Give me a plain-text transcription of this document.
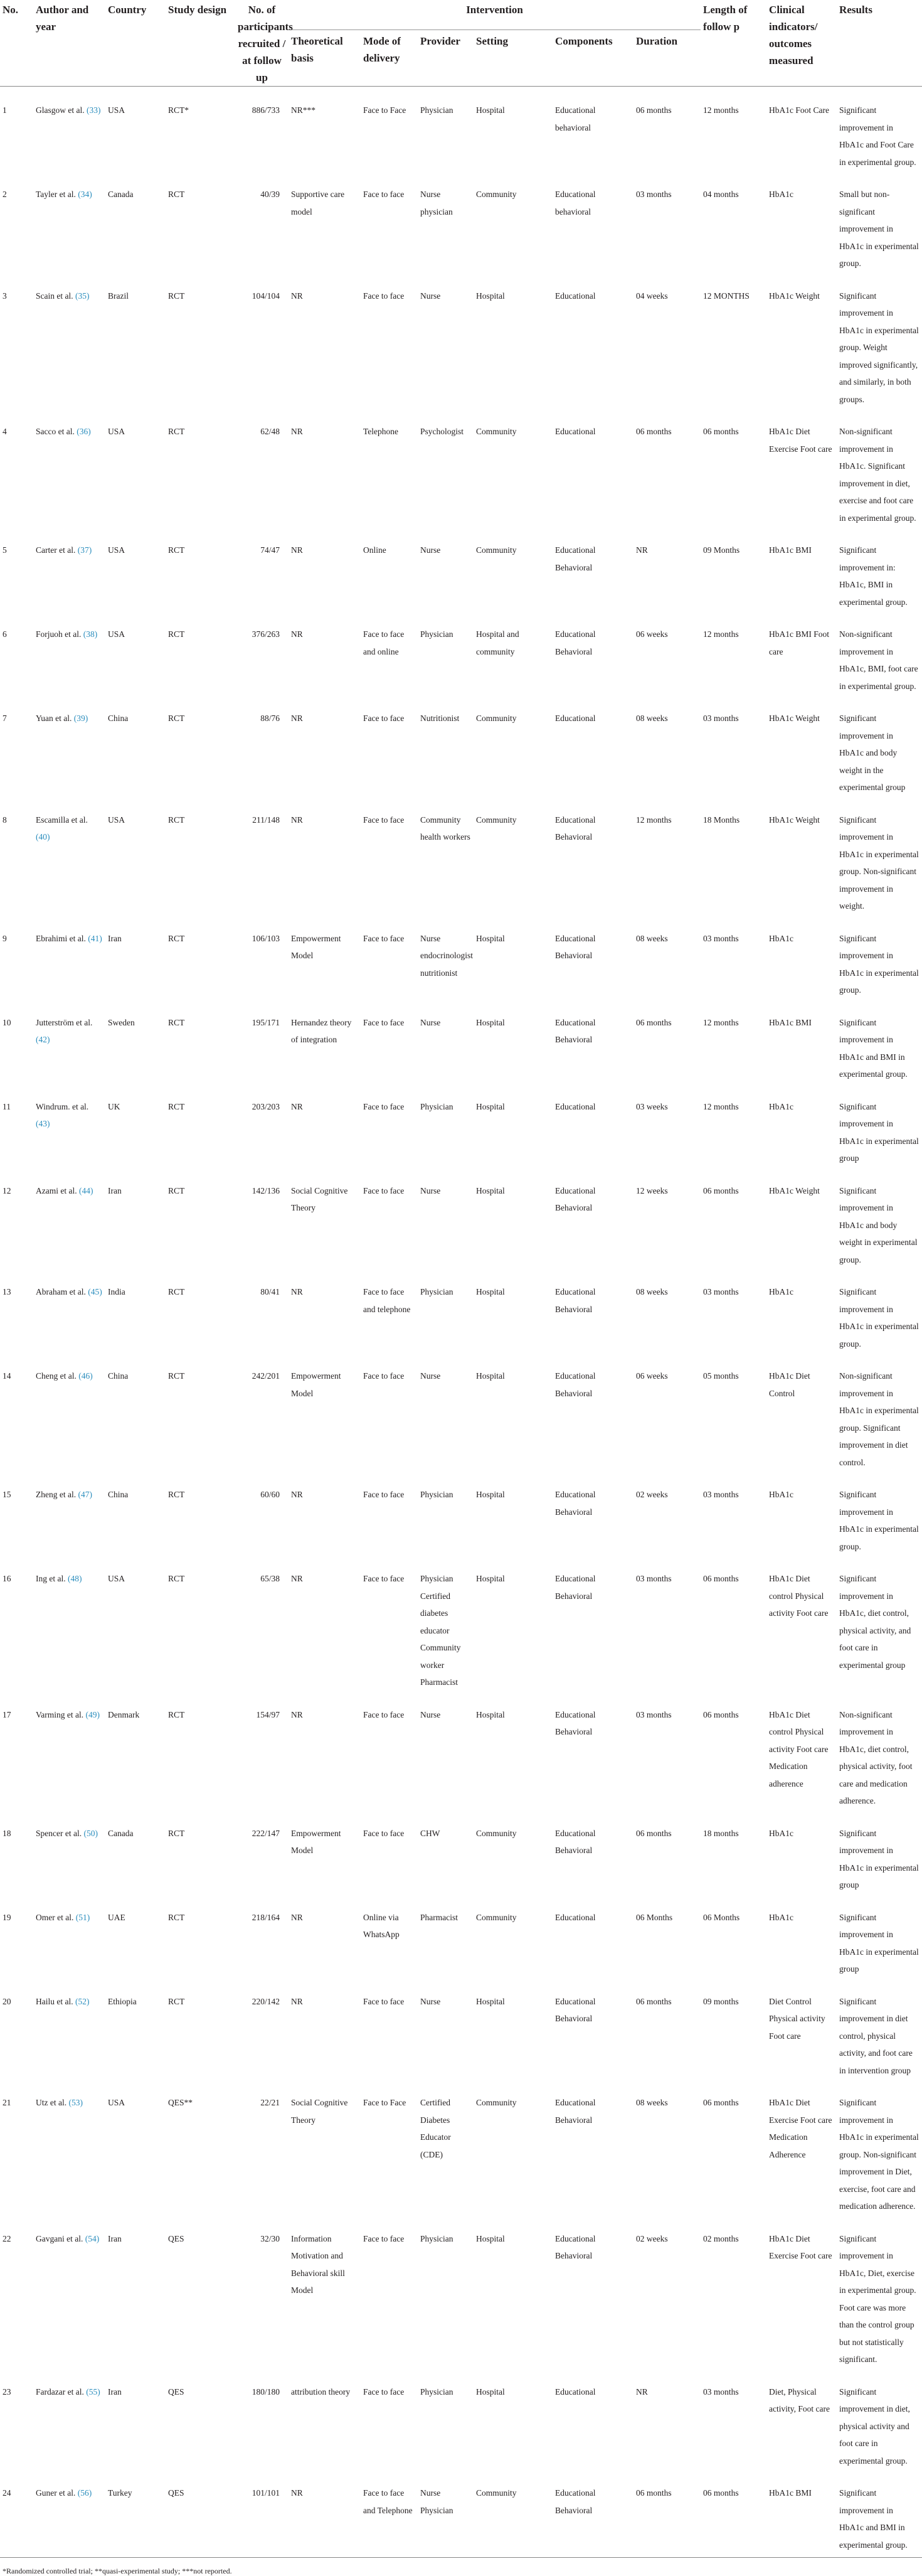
No.	Author and year	Country	Study design	No. of participants recruited / at follow up	Intervention						Length of follow p	Clinical indicators/ outcomes measured	Results
					Theoretical basis	Mode of delivery	Provider	Setting	Components	Duration			
1	Glasgow et al. (33)	USA	RCT*	886/733	NR***	Face to Face	Physician	Hospital	Educational behavioral	06 months	12 months	HbA1c Foot Care	Significant improvement in HbA1c and Foot Care in experimental group.
2	Tayler et al. (34)	Canada	RCT	40/39	Supportive care model	Face to face	Nurse physician	Community	Educational behavioral	03 months	04 months	HbA1c	Small but non-significant improvement in HbA1c in experimental group.
3	Scain et al. (35)	Brazil	RCT	104/104	NR	Face to face	Nurse	Hospital	Educational	04 weeks	12 MONTHS	HbA1c Weight	Significant improvement in HbA1c in experimental group. Weight improved significantly, and similarly, in both groups.
4	Sacco et al. (36)	USA	RCT	62/48	NR	Telephone	Psychologist	Community	Educational	06 months	06 months	HbA1c Diet Exercise Foot care	Non-significant improvement in HbA1c. Significant improvement in diet, exercise and foot care in experimental group.
5	Carter et al. (37)	USA	RCT	74/47	NR	Online	Nurse	Community	Educational Behavioral	NR	09 Months	HbA1c BMI	Significant improvement in: HbA1c, BMI in experimental group.
6	Forjuoh et al. (38)	USA	RCT	376/263	NR	Face to face and online	Physician	Hospital and community	Educational Behavioral	06 weeks	12 months	HbA1c BMI Foot care	Non-significant improvement in HbA1c, BMI, foot care in experimental group.
7	Yuan et al. (39)	China	RCT	88/76	NR	Face to face	Nutritionist	Community	Educational	08 weeks	03 months	HbA1c Weight	Significant improvement in HbA1c and body weight in the experimental group
8	Escamilla et al. (40)	USA	RCT	211/148	NR	Face to face	Community health workers	Community	Educational Behavioral	12 months	18 Months	HbA1c Weight	Significant improvement in HbA1c in experimental group. Non-significant improvement in weight.
9	Ebrahimi et al. (41)	Iran	RCT	106/103	Empowerment Model	Face to face	Nurse endocrinologist nutritionist	Hospital	Educational Behavioral	08 weeks	03 months	HbA1c	Significant improvement in HbA1c in experimental group.
10	Jutterström et al. (42)	Sweden	RCT	195/171	Hernandez theory of integration	Face to face	Nurse	Hospital	Educational Behavioral	06 months	12 months	HbA1c BMI	Significant improvement in HbA1c and BMI in experimental group.
11	Windrum. et al. (43)	UK	RCT	203/203	NR	Face to face	Physician	Hospital	Educational	03 weeks	12 months	HbA1c	Significant improvement in HbA1c in experimental group
12	Azami et al. (44)	Iran	RCT	142/136	Social Cognitive Theory	Face to face	Nurse	Hospital	Educational Behavioral	12 weeks	06 months	HbA1c Weight	Significant improvement in HbA1c and body weight in experimental group.
13	Abraham et al. (45)	India	RCT	80/41	NR	Face to face and telephone	Physician	Hospital	Educational Behavioral	08 weeks	03 months	HbA1c	Significant improvement in HbA1c in experimental group.
14	Cheng et al. (46)	China	RCT	242/201	Empowerment Model	Face to face	Nurse	Hospital	Educational Behavioral	06 weeks	05 months	HbA1c Diet Control	Non-significant improvement in HbA1c in experimental group. Significant improvement in diet control.
15	Zheng et al. (47)	China	RCT	60/60	NR	Face to face	Physician	Hospital	Educational Behavioral	02 weeks	03 months	HbA1c	Significant improvement in HbA1c in experimental group.
16	Ing et al. (48)	USA	RCT	65/38	NR	Face to face	Physician Certified diabetes educator Community worker Pharmacist	Hospital	Educational Behavioral	03 months	06 months	HbA1c Diet control Physical activity Foot care	Significant improvement in HbA1c, diet control, physical activity, and foot care in experimental group
17	Varming et al. (49)	Denmark	RCT	154/97	NR	Face to face	Nurse	Hospital	Educational Behavioral	03 months	06 months	HbA1c Diet control Physical activity Foot care Medication adherence	Non-significant improvement in HbA1c, diet control, physical activity, foot care and medication adherence.
18	Spencer et al. (50)	Canada	RCT	222/147	Empowerment Model	Face to face	CHW	Community	Educational Behavioral	06 months	18 months	HbA1c	Significant improvement in HbA1c in experimental group
19	Omer et al. (51)	UAE	RCT	218/164	NR	Online via WhatsApp	Pharmacist	Community	Educational	06 Months	06 Months	HbA1c	Significant improvement in HbA1c in experimental group
20	Hailu et al. (52)	Ethiopia	RCT	220/142	NR	Face to face	Nurse	Hospital	Educational Behavioral	06 months	09 months	Diet Control Physical activity Foot care	Significant improvement in diet control, physical activity, and foot care in intervention group
21	Utz et al. (53)	USA	QES**	22/21	Social Cognitive Theory	Face to Face	Certified Diabetes Educator (CDE)	Community	Educational Behavioral	08 weeks	06 months	HbA1c Diet Exercise Foot care Medication Adherence	Significant improvement in HbA1c in experimental group. Non-significant improvement in Diet, exercise, foot care and medication adherence.
22	Gavgani et al. (54)	Iran	QES	32/30	Information Motivation and Behavioral skill Model	Face to face	Physician	Hospital	Educational Behavioral	02 weeks	02 months	HbA1c Diet Exercise Foot care	Significant improvement in HbA1c, Diet, exercise in experimental group. Foot care was more than the control group but not statistically significant.
23	Fardazar et al. (55)	Iran	QES	180/180	attribution theory	Face to face	Physician	Hospital	Educational	NR	03 months	Diet, Physical activity, Foot care	Significant improvement in diet, physical activity and foot care in experimental group.
24	Guner et al. (56)	Turkey	QES	101/101	NR	Face to face and Telephone	Nurse Physician	Community	Educational Behavioral	06 months	06 months	HbA1c BMI	Significant improvement in HbA1c and BMI in experimental group.
*Randomized controlled trial; **quasi-experimental study; ***not reported.
